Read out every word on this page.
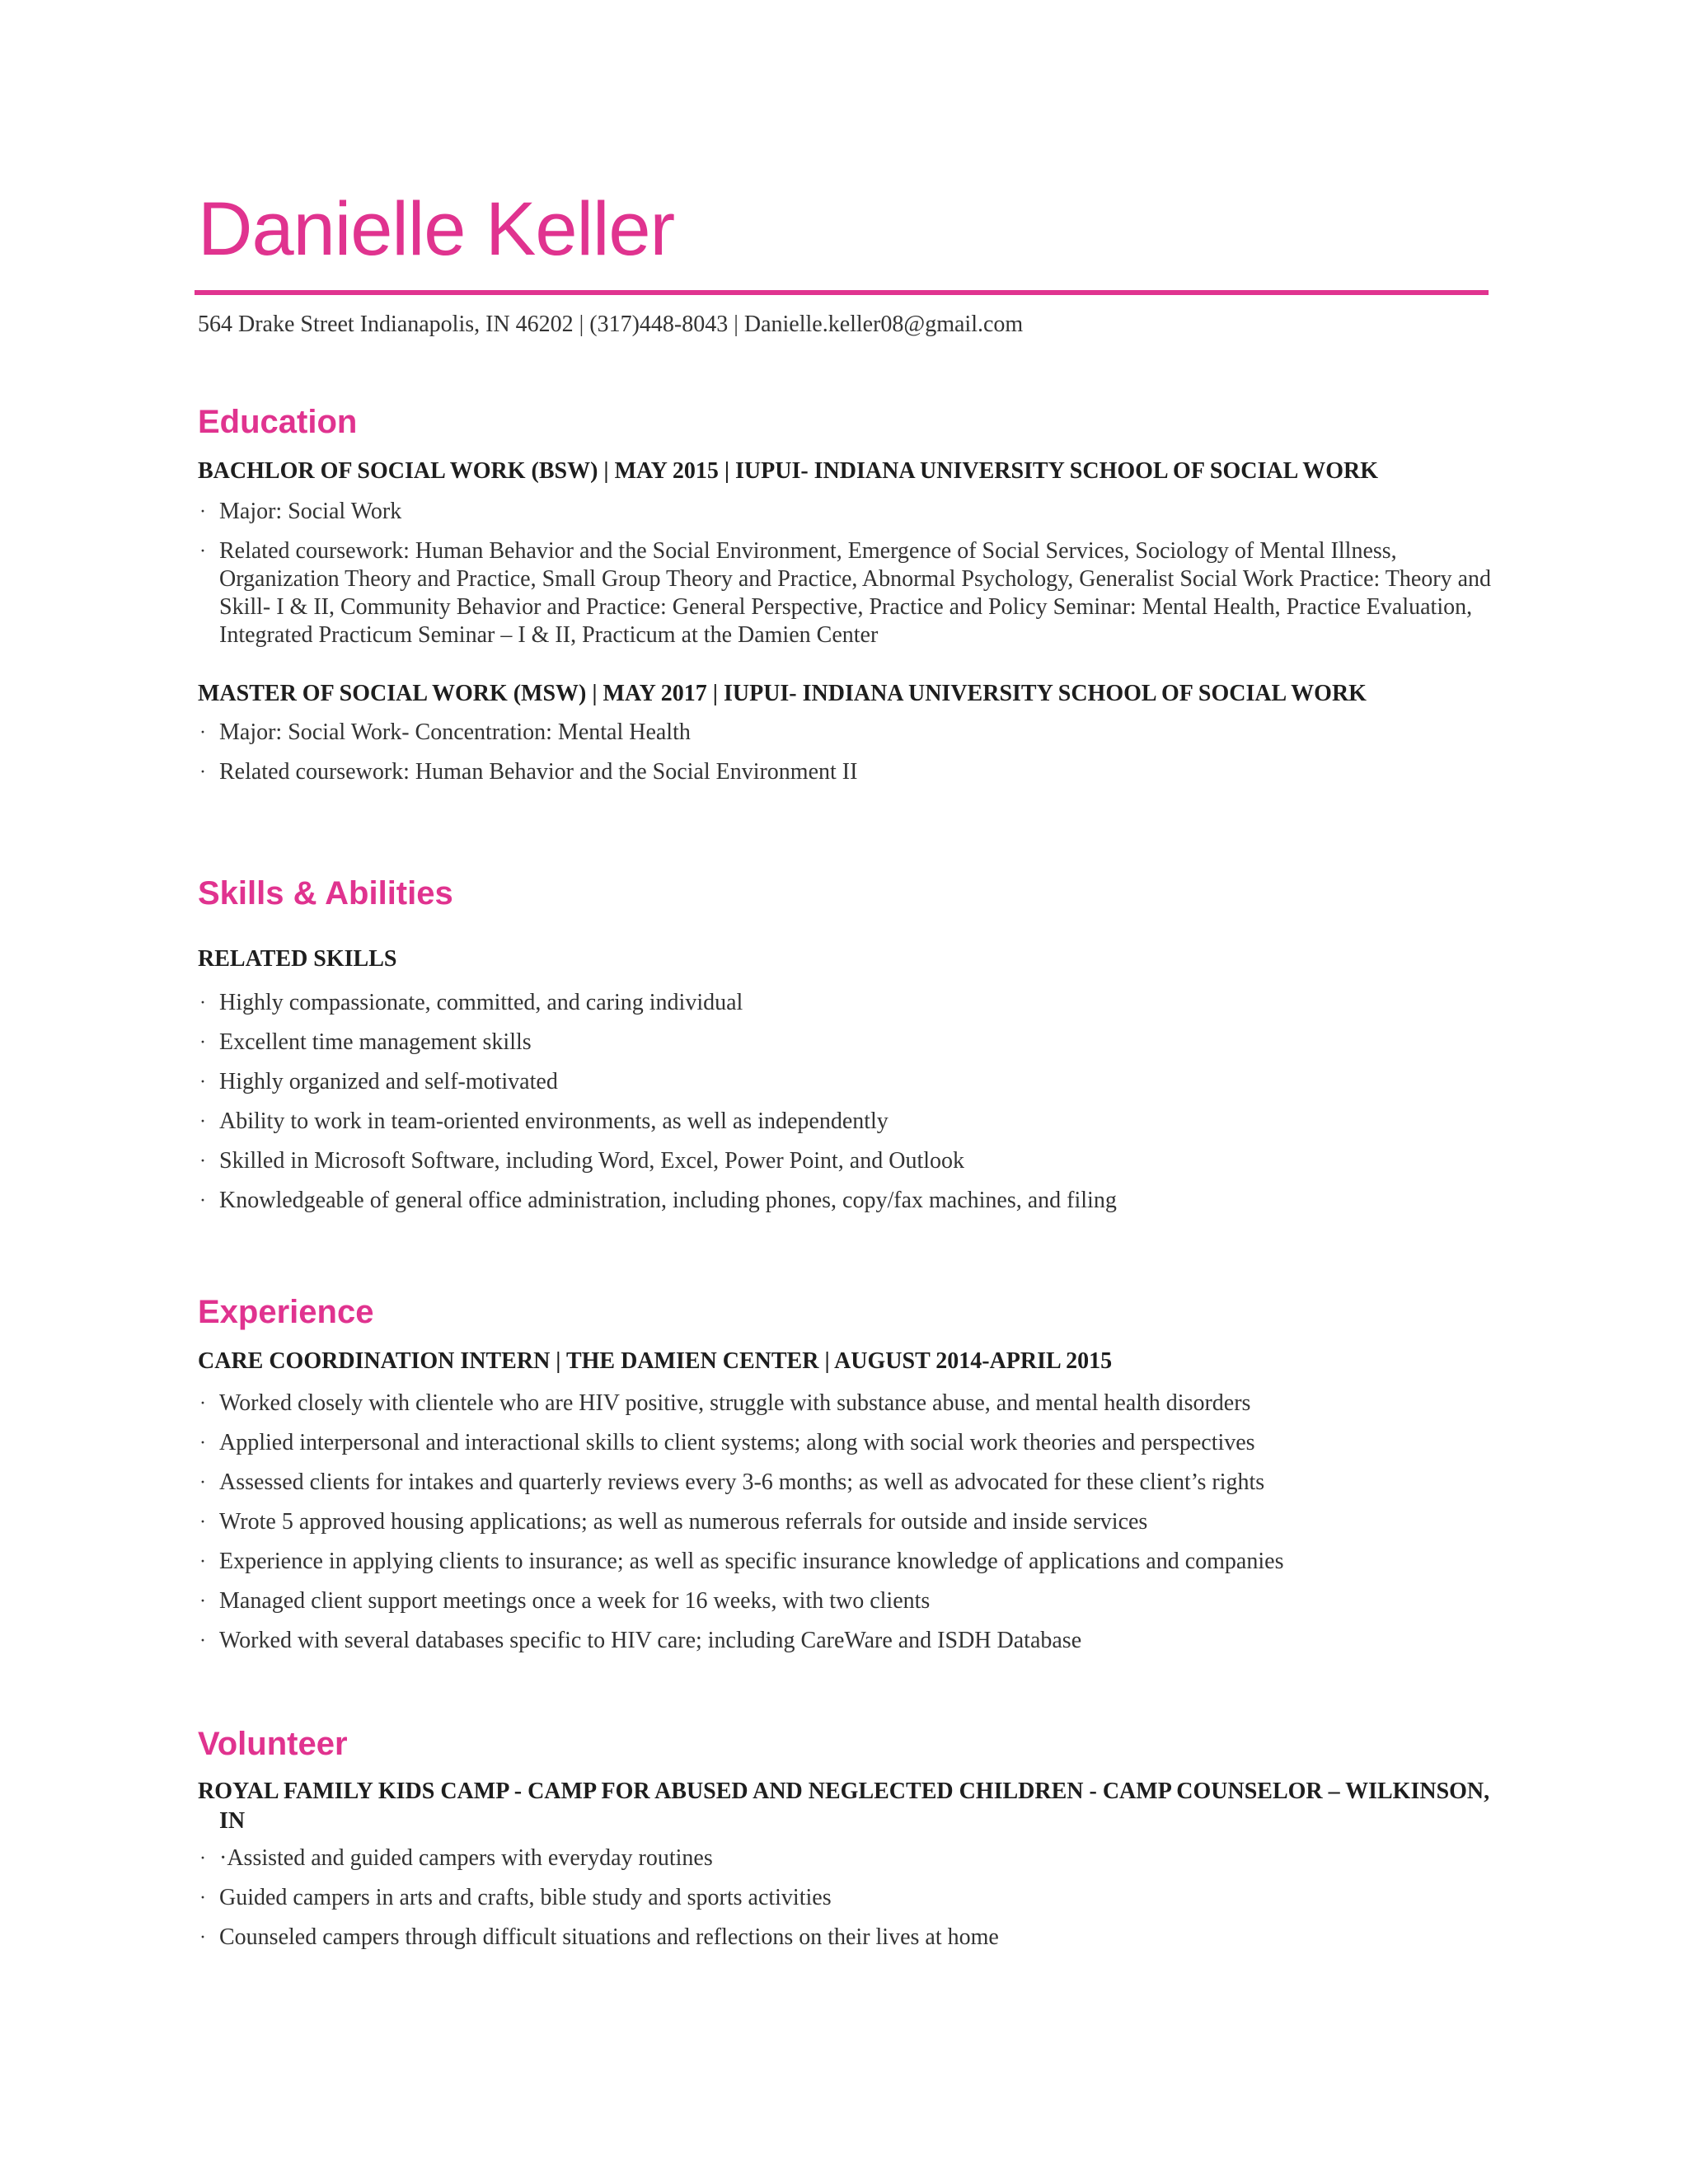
Danielle Keller
564 Drake Street Indianapolis, IN 46202 | (317)448-8043 | Danielle.keller08@gmail.com
Education
BACHLOR OF SOCIAL WORK (BSW) | MAY 2015 | IUPUI- INDIANA UNIVERSITY SCHOOL OF SOCIAL WORK
· Major: Social Work
· Related coursework: Human Behavior and the Social Environment, Emergence of Social Services, Sociology of Mental Illness, Organization Theory and Practice, Small Group Theory and Practice, Abnormal Psychology, Generalist Social Work Practice: Theory and Skill- I & II, Community Behavior and Practice: General Perspective, Practice and Policy Seminar: Mental Health, Practice Evaluation, Integrated Practicum Seminar – I & II, Practicum at the Damien Center
MASTER OF SOCIAL WORK (MSW) | MAY 2017 | IUPUI- INDIANA UNIVERSITY SCHOOL OF SOCIAL WORK
· Major: Social Work- Concentration: Mental Health
· Related coursework: Human Behavior and the Social Environment II
Skills & Abilities
RELATED SKILLS
· Highly compassionate, committed, and caring individual
· Excellent time management skills
· Highly organized and self-motivated
· Ability to work in team-oriented environments, as well as independently
· Skilled in Microsoft Software, including Word, Excel, Power Point, and Outlook
· Knowledgeable of general office administration, including phones, copy/fax machines, and filing
Experience
CARE COORDINATION INTERN | THE DAMIEN CENTER | AUGUST 2014-APRIL 2015
· Worked closely with clientele who are HIV positive, struggle with substance abuse, and mental health disorders
· Applied interpersonal and interactional skills to client systems; along with social work theories and perspectives
· Assessed clients for intakes and quarterly reviews every 3-6 months; as well as advocated for these client’s rights
· Wrote 5 approved housing applications; as well as numerous referrals for outside and inside services
· Experience in applying clients to insurance; as well as specific insurance knowledge of applications and companies
· Managed client support meetings once a week for 16 weeks, with two clients
· Worked with several databases specific to HIV care; including CareWare and ISDH Database
Volunteer
ROYAL FAMILY KIDS CAMP - CAMP FOR ABUSED AND NEGLECTED CHILDREN - CAMP COUNSELOR – WILKINSON, IN
· ·Assisted and guided campers with everyday routines
· Guided campers in arts and crafts, bible study and sports activities
· Counseled campers through difficult situations and reflections on their lives at home
